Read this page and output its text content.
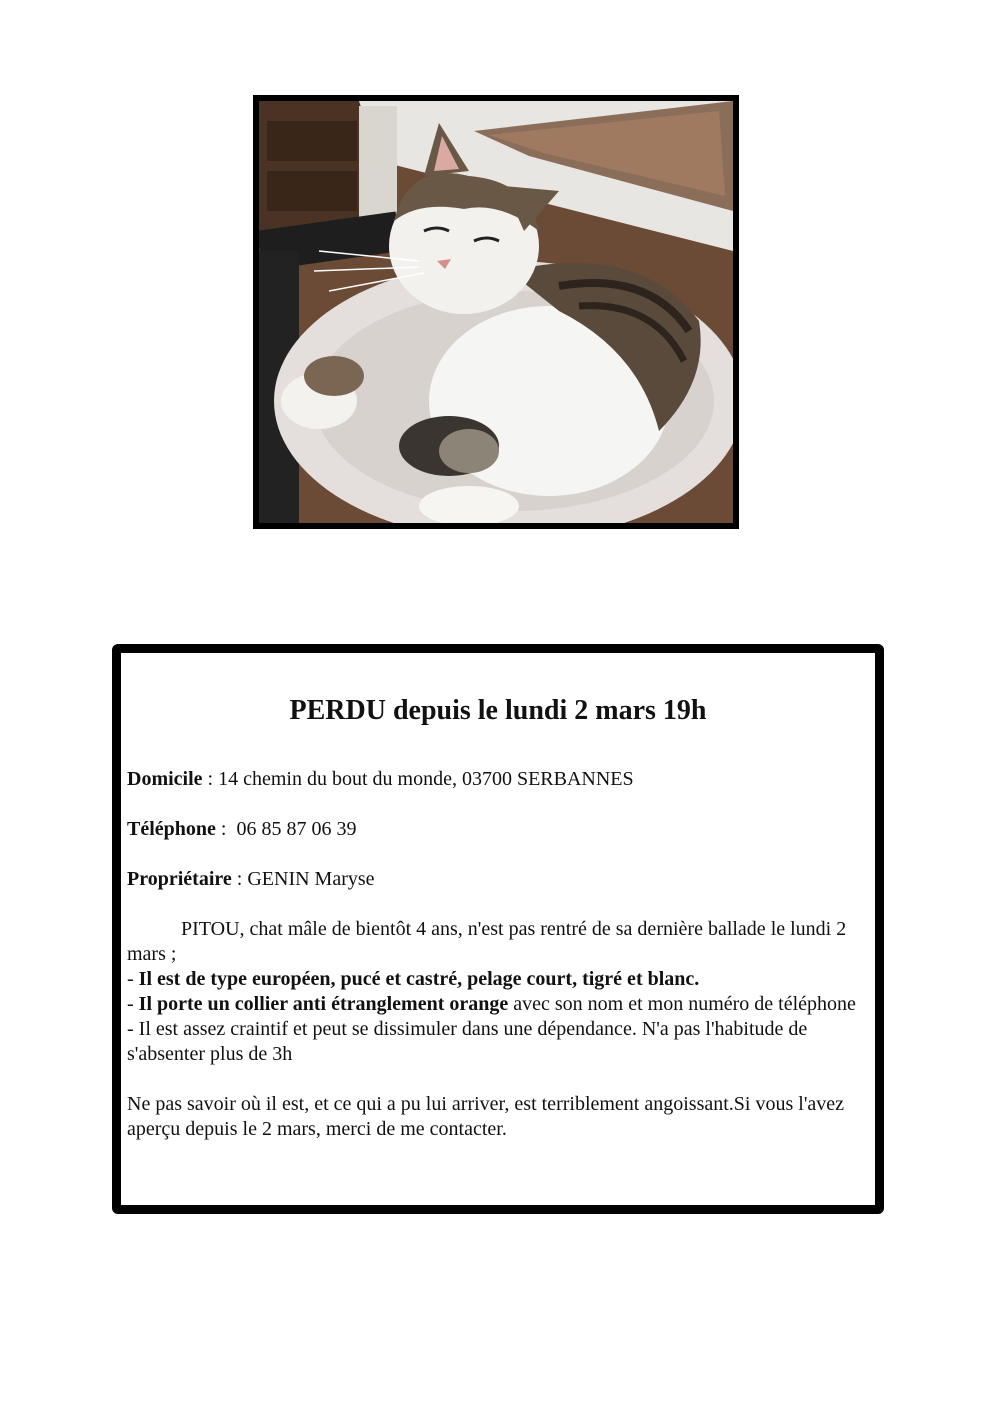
PERDU depuis le lundi 2 mars 19h
Domicile : 14 chemin du bout du monde, 03700 SERBANNES
Téléphone :  06 85 87 06 39
Propriétaire : GENIN Maryse
PITOU, chat mâle de bientôt 4 ans, n'est pas rentré de sa dernière ballade le lundi 2 mars ;
- Il est de type européen, pucé et castré, pelage court, tigré et blanc.
- Il porte un collier anti étranglement orange avec son nom et mon numéro de téléphone
- Il est assez craintif et peut se dissimuler dans une dépendance. N'a pas l'habitude de s'absenter plus de 3h
Ne pas savoir où il est, et ce qui a pu lui arriver, est terriblement angoissant.Si vous l'avez aperçu depuis le 2 mars, merci de me contacter.
